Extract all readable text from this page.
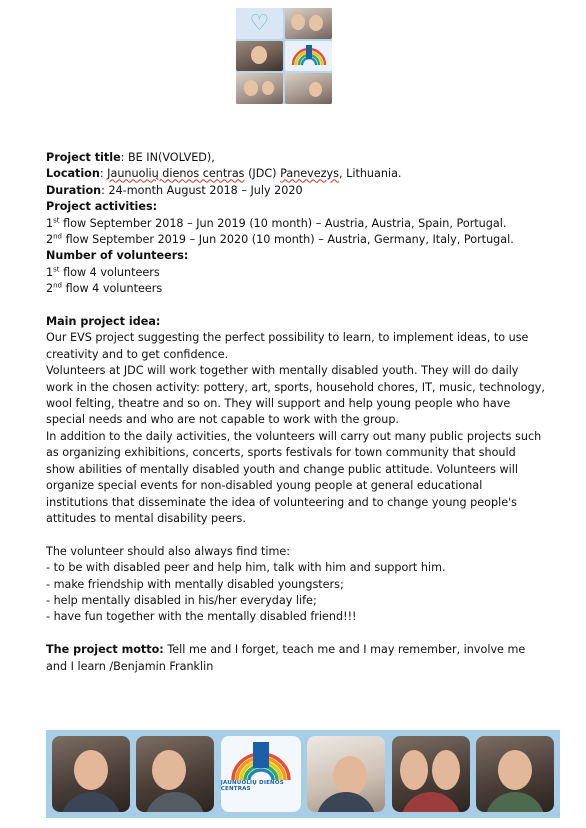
♡

Project title: BE IN(VOLVED),

Location: Jaunuolių dienos centras (JDC) Panevezys, Lithuania.

Duration: 24-month August 2018 – July 2020

Project activities:

1st flow September 2018 – Jun 2019 (10 month) – Austria, Austria, Spain, Portugal.

2nd flow September 2019 – Jun 2020 (10 month) – Austria, Germany, Italy, Portugal.

Number of volunteers:

1st flow 4 volunteers

2nd flow 4 volunteers

Main project idea:

Our EVS project suggesting the perfect possibility to learn, to implement ideas, to use creativity and to get confidence.

Volunteers at JDC will work together with mentally disabled youth. They will do daily work in the chosen activity: pottery, art, sports, household chores, IT, music, technology, wool felting, theatre and so on. They will support and help young people who have special needs and who are not capable to work with the group.

In addition to the daily activities, the volunteers will carry out many public projects such as organizing exhibitions, concerts, sports festivals for town community that should show abilities of mentally disabled youth and change public attitude. Volunteers will organize special events for non-disabled young people at general educational institutions that disseminate the idea of volunteering and to change young people's attitudes to mental disability peers.

The volunteer should also always find time:

- to be with disabled peer and help him, talk with him and support him.

- make friendship with mentally disabled youngsters;

- help mentally disabled in his/her everyday life;

- have fun together with the mentally disabled friend!!!

The project motto: Tell me and I forget, teach me and I may remember, involve me and I learn /Benjamin Franklin

JAUNUOLIŲ DIENOS CENTRAS
